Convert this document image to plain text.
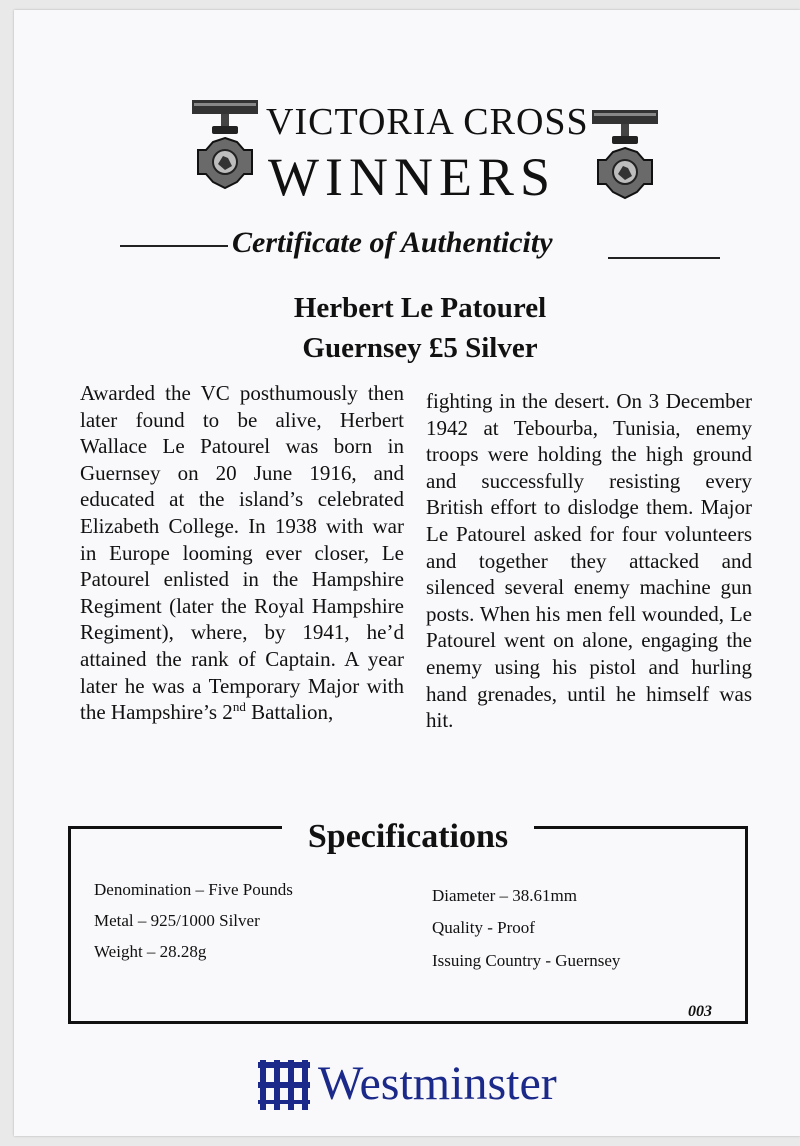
VICTORIA CROSS
WINNERS
Certificate of Authenticity
Herbert Le Patourel
Guernsey £5 Silver
Awarded the VC posthumously then later found to be alive, Herbert Wallace Le Patourel was born in Guernsey on 20 June 1916, and educated at the island’s celebrated Elizabeth College. In 1938 with war in Europe looming ever closer, Le Patourel enlisted in the Hampshire Regiment (later the Royal Hampshire Regiment), where, by 1941, he’d attained the rank of Captain. A year later he was a Temporary Major with the Hampshire’s 2nd Battalion,
fighting in the desert. On 3 December 1942 at Tebourba, Tunisia, enemy troops were holding the high ground and successfully resisting every British effort to dislodge them. Major Le Patourel asked for four volunteers and together they attacked and silenced several enemy machine gun posts. When his men fell wounded, Le Patourel went on alone, engaging the enemy using his pistol and hurling hand grenades, until he himself was hit.
Specifications
Denomination – Five Pounds
Metal – 925/1000 Silver
Weight – 28.28g
Diameter – 38.61mm
Quality - Proof
Issuing Country - Guernsey
003
Westminster
